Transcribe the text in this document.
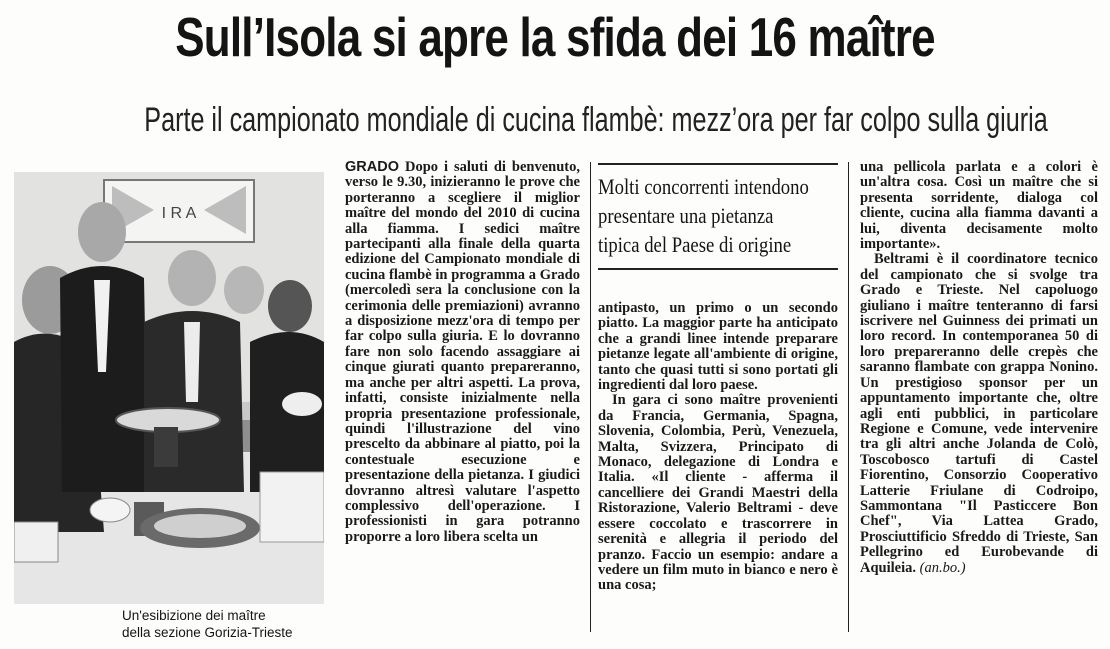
Sull’Isola si apre la sfida dei 16 maître
Parte il campionato mondiale di cucina flambè: mezz’ora per far colpo sulla giuria
I R A
Un'esibizione dei maître
della sezione Gorizia-Trieste

GRADO Dopo i saluti di benvenuto, verso le 9.30, inizieranno le prove che porteranno a scegliere il miglior maître del mondo del 2010 di cucina alla fiamma. I sedici maître partecipanti alla finale della quarta edizione del Campionato mondiale di cucina flambè in programma a Grado (mercoledì sera la conclusione con la cerimonia delle premiazioni) avranno a disposizione mezz'ora di tempo per far colpo sulla giuria. E lo dovranno fare non solo facendo assaggiare ai cinque giurati quanto prepareranno, ma anche per altri aspetti. La prova, infatti, consiste inizialmente nella propria presentazione professionale, quindi l'illustrazione del vino prescelto da abbinare al piatto, poi la contestuale esecuzione e presentazione della pietanza. I giudici dovranno altresì valutare l'aspetto complessivo dell'operazione. I professionisti in gara potranno proporre a loro libera scelta un

Molti concorrenti intendono
presentare una pietanza
tipica del Paese di origine

antipasto, un primo o un secondo piatto. La maggior parte ha anticipato che a grandi linee intende preparare pietanze legate all'ambiente di origine, tanto che quasi tutti si sono portati gli ingredienti dal loro paese.

In gara ci sono maître provenienti da Francia, Germania, Spagna, Slovenia, Colombia, Perù, Venezuela, Malta, Svizzera, Principato di Monaco, delegazione di Londra e Italia. «Il cliente - afferma il cancelliere dei Grandi Maestri della Ristorazione, Valerio Beltrami - deve essere coccolato e trascorrere in serenità e allegria il periodo del pranzo. Faccio un esempio: andare a vedere un film muto in bianco e nero è una cosa;

una pellicola parlata e a colori è un'altra cosa. Così un maître che si presenta sorridente, dialoga col cliente, cucina alla fiamma davanti a lui, diventa decisamente molto importante».

Beltrami è il coordinatore tecnico del campionato che si svolge tra Grado e Trieste. Nel capoluogo giuliano i maître tenteranno di farsi iscrivere nel Guinness dei primati un loro record. In contemporanea 50 di loro prepareranno delle crepès che saranno flambate con grappa Nonino. Un prestigioso sponsor per un appuntamento importante che, oltre agli enti pubblici, in particolare Regione e Comune, vede intervenire tra gli altri anche Jolanda de Colò, Toscobosco tartufi di Castel Fiorentino, Consorzio Cooperativo Latterie Friulane di Codroipo, Sammontana "Il Pasticcere Bon Chef", Via Lattea Grado, Prosciuttificio Sfreddo di Trieste, San Pellegrino ed Eurobevande di Aquileia. (an.bo.)
